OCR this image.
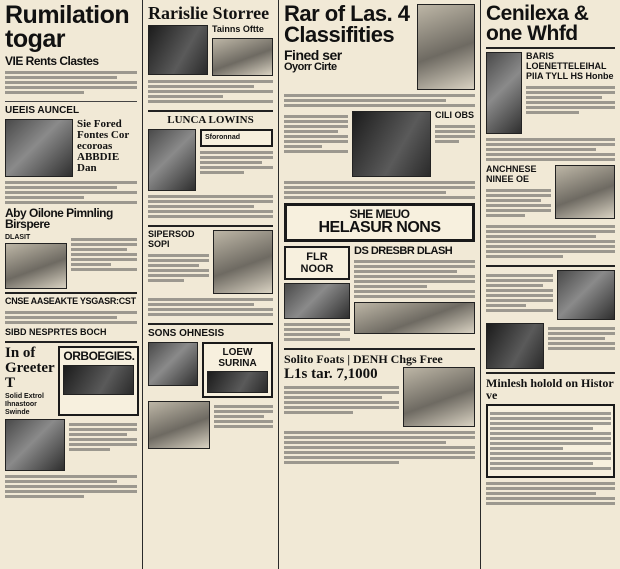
Rumilation togar
VIE Rents Clastes
UEEIS AUNCEL
Sie Fored Fontes Cor ecoroas ABBDIE Dan
Aby Oilone Pimnling Birspere
DLASIT
CNSE AASEAKTE YSGASR:CST
SIBD NESPRTES BOCH
In of Greeter T
Solid Extrol Ihnastoor Swinde
ORBOEGIES.
Rarislie Storree
Tainns Oftte
LUNCA LOWINS
Sforonnad
SIPERSOD
SOPI
SONS OHNESIS
LOEW SURINA
Rar of Las. 4 Classifities
Fined ser
Oyorr Cirte
CILI OBS
SHE MEUO
HELASUR NONS
FLR NOOR
DS DRESBR DLASH
Solito Foats | DENH Chgs Free
L1s tar. 7,1000
Cenilexa & one Whfd
BARIS LOENETTELEIHAL PIIA TYLL HS Honbe
ANCHNESE NINEE OE
Minlesh holold on Histor ve
